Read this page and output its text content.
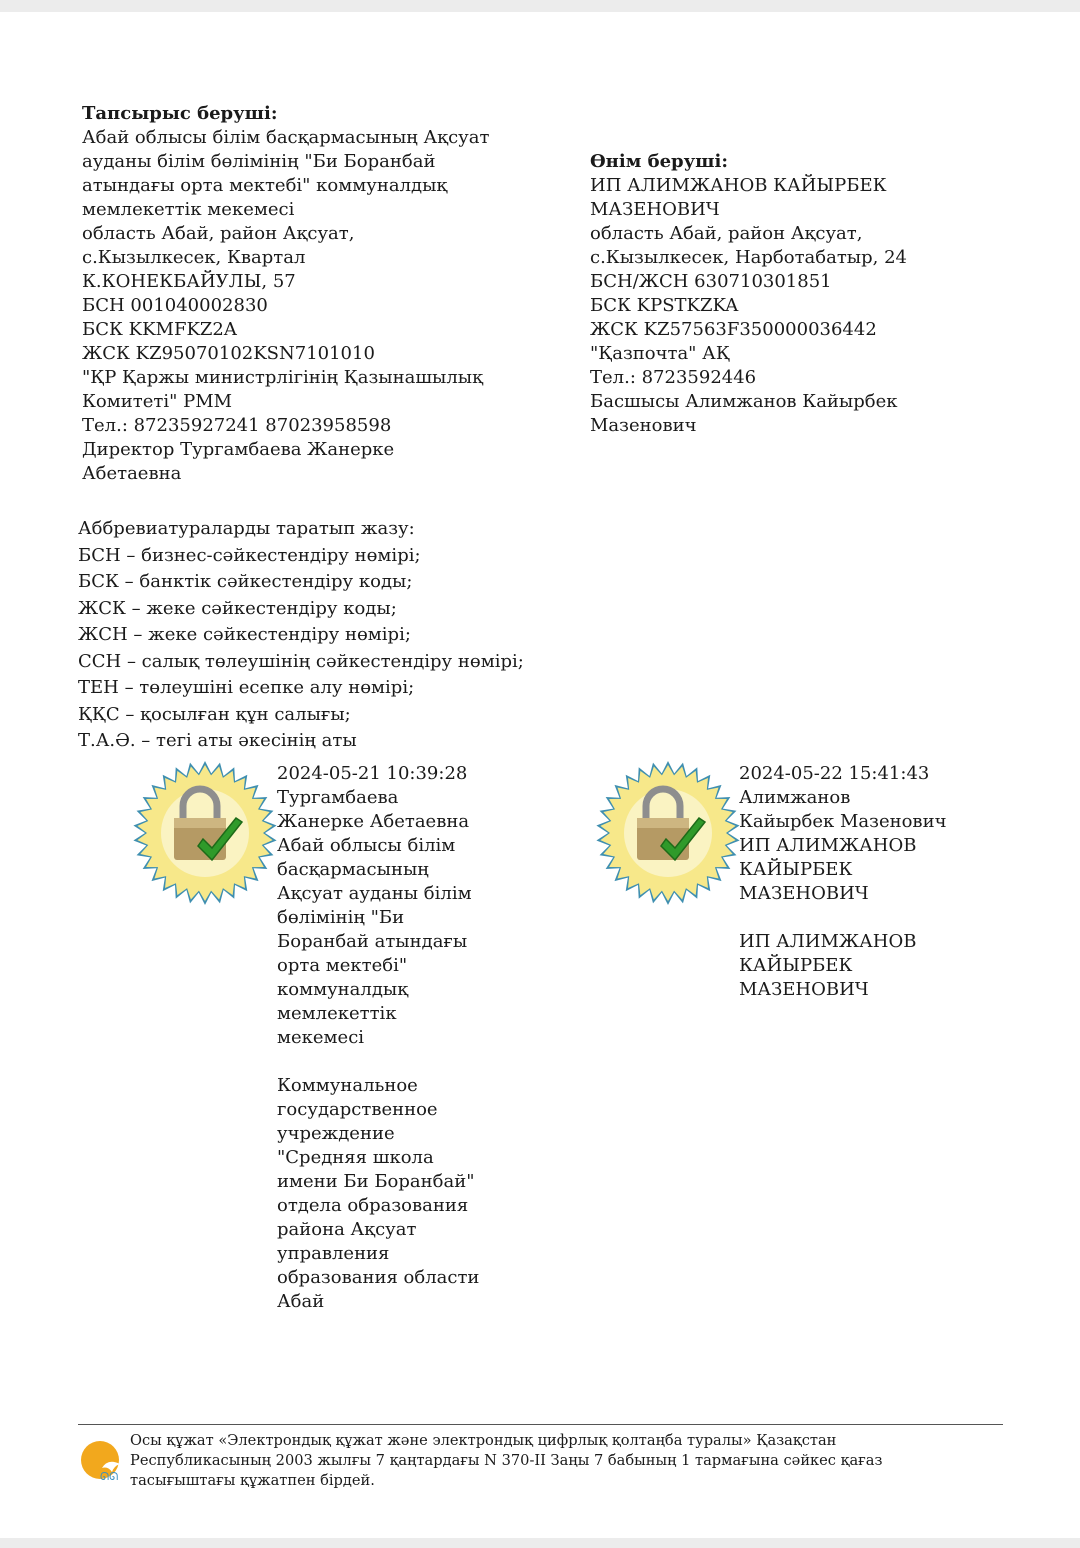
Тапсырыс беруші:
Абай облысы білім басқармасының Ақсуат
ауданы білім бөлімінің "Би Боранбай
атындағы орта мектебі" коммуналдық
мемлекеттік мекемесі
область Абай, район Ақсуат,
с.Кызылкесек, Квартал
К.КОНЕКБАЙУЛЫ, 57
БСН 001040002830
БСК KKMFKZ2A
ЖСК KZ95070102KSN7101010
"ҚР Қаржы министрлігінің Қазынашылық
Комитеті" РММ
Тел.: 87235927241 87023958598
Директор Тургамбаева Жанерке
Абетаевна
Өнім беруші:
ИП АЛИМЖАНОВ КАЙЫРБЕК
МАЗЕНОВИЧ
область Абай, район Ақсуат,
с.Кызылкесек, Нарботабатыр, 24
БСН/ЖСН 630710301851
БСК KPSTKZKA
ЖСК KZ57563F350000036442
"Қазпочта" АҚ
Тел.: 8723592446
Басшысы Алимжанов Кайырбек
Мазенович
Аббревиатураларды таратып жазу:
БСН – бизнес-сәйкестендіру нөмірі;
БСК – банктік сәйкестендіру коды;
ЖСК – жеке сәйкестендіру коды;
ЖСН – жеке сәйкестендіру нөмірі;
ССН – салық төлеушінің сәйкестендіру нөмірі;
ТЕН – төлеушіні есепке алу нөмірі;
ҚҚС – қосылған құн салығы;
Т.А.Ә. – тегі аты әкесінің аты
2024-05-21 10:39:28
Тургамбаева
Жанерке Абетаевна
Абай облысы білім
басқармасының
Ақсуат ауданы білім
бөлімінің "Би
Боранбай атындағы
орта мектебі"
коммуналдық
мемлекеттік
мекемесі
Коммунальное
государственное
учреждение
"Средняя школа
имени Би Боранбай"
отдела образования
района Ақсуат
управления
образования области
Абай
2024-05-22 15:41:43
Алимжанов
Кайырбек Мазенович
ИП АЛИМЖАНОВ
КАЙЫРБЕК
МАЗЕНОВИЧ
ИП АЛИМЖАНОВ
КАЙЫРБЕК
МАЗЕНОВИЧ
ᘏᘏ
Осы құжат «Электрондық құжат және электрондық цифрлық қолтаңба туралы» Қазақстан
Республикасының 2003 жылғы 7 қаңтардағы N 370-II Заңы 7 бабының 1 тармағына сәйкес қағаз
тасығыштағы құжатпен бірдей.
